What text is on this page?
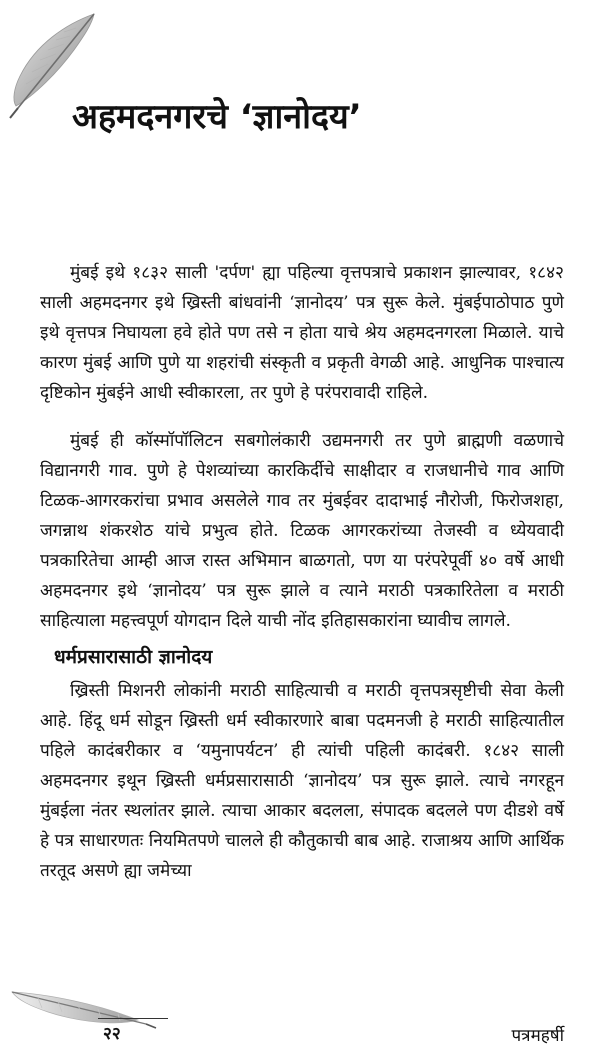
अहमदनगरचे ‘ज्ञानोदय’

मुंबई इथे १८३२ साली 'दर्पण' ह्या पहिल्या वृत्तपत्राचे प्रकाशन झाल्यावर, १८४२ साली अहमदनगर इथे ख्रिस्ती बांधवांनी ‘ज्ञानोदय’ पत्र सुरू केले. मुंबईपाठोपाठ पुणे इथे वृत्तपत्र निघायला हवे होते पण तसे न होता याचे श्रेय अहमदनगरला मिळाले. याचे कारण मुंबई आणि पुणे या शहरांची संस्कृती व प्रकृती वेगळी आहे. आधुनिक पाश्चात्य दृष्टिकोन मुंबईने आधी स्वीकारला, तर पुणे हे परंपरावादी राहिले.

मुंबई ही कॉस्मॉपॉलिटन सबगोलंकारी उद्यमनगरी तर पुणे ब्राह्मणी वळणाचे विद्यानगरी गाव. पुणे हे पेशव्यांच्या कारकिर्दीचे साक्षीदार व राजधानीचे गाव आणि टिळक-आगरकरांचा प्रभाव असलेले गाव तर मुंबईवर दादाभाई नौरोजी, फिरोजशहा, जगन्नाथ शंकरशेठ यांचे प्रभुत्व होते. टिळक आगरकरांच्या तेजस्वी व ध्येयवादी पत्रकारितेचा आम्ही आज रास्त अभिमान बाळगतो, पण या परंपरेपूर्वी ४० वर्षे आधी अहमदनगर इथे ‘ज्ञानोदय’ पत्र सुरू झाले व त्याने मराठी पत्रकारितेला व मराठी साहित्याला महत्त्वपूर्ण योगदान दिले याची नोंद इतिहासकारांना घ्यावीच लागले.

धर्मप्रसारासाठी ज्ञानोदय

ख्रिस्ती मिशनरी लोकांनी मराठी साहित्याची व मराठी वृत्तपत्रसृष्टीची सेवा केली आहे. हिंदू धर्म सोडून ख्रिस्ती धर्म स्वीकारणारे बाबा पदमनजी हे मराठी साहित्यातील पहिले कादंबरीकार व ‘यमुनापर्यटन’ ही त्यांची पहिली कादंबरी. १८४२ साली अहमदनगर इथून ख्रिस्ती धर्मप्रसारासाठी ‘ज्ञानोदय’ पत्र सुरू झाले. त्याचे नगरहून मुंबईला नंतर स्थलांतर झाले. त्याचा आकार बदलला, संपादक बदलले पण दीडशे वर्षे हे पत्र साधारणतः नियमितपणे चालले ही कौतुकाची बाब आहे. राजाश्रय आणि आर्थिक तरतूद असणे ह्या जमेच्या

२२	पत्रमहर्षी
